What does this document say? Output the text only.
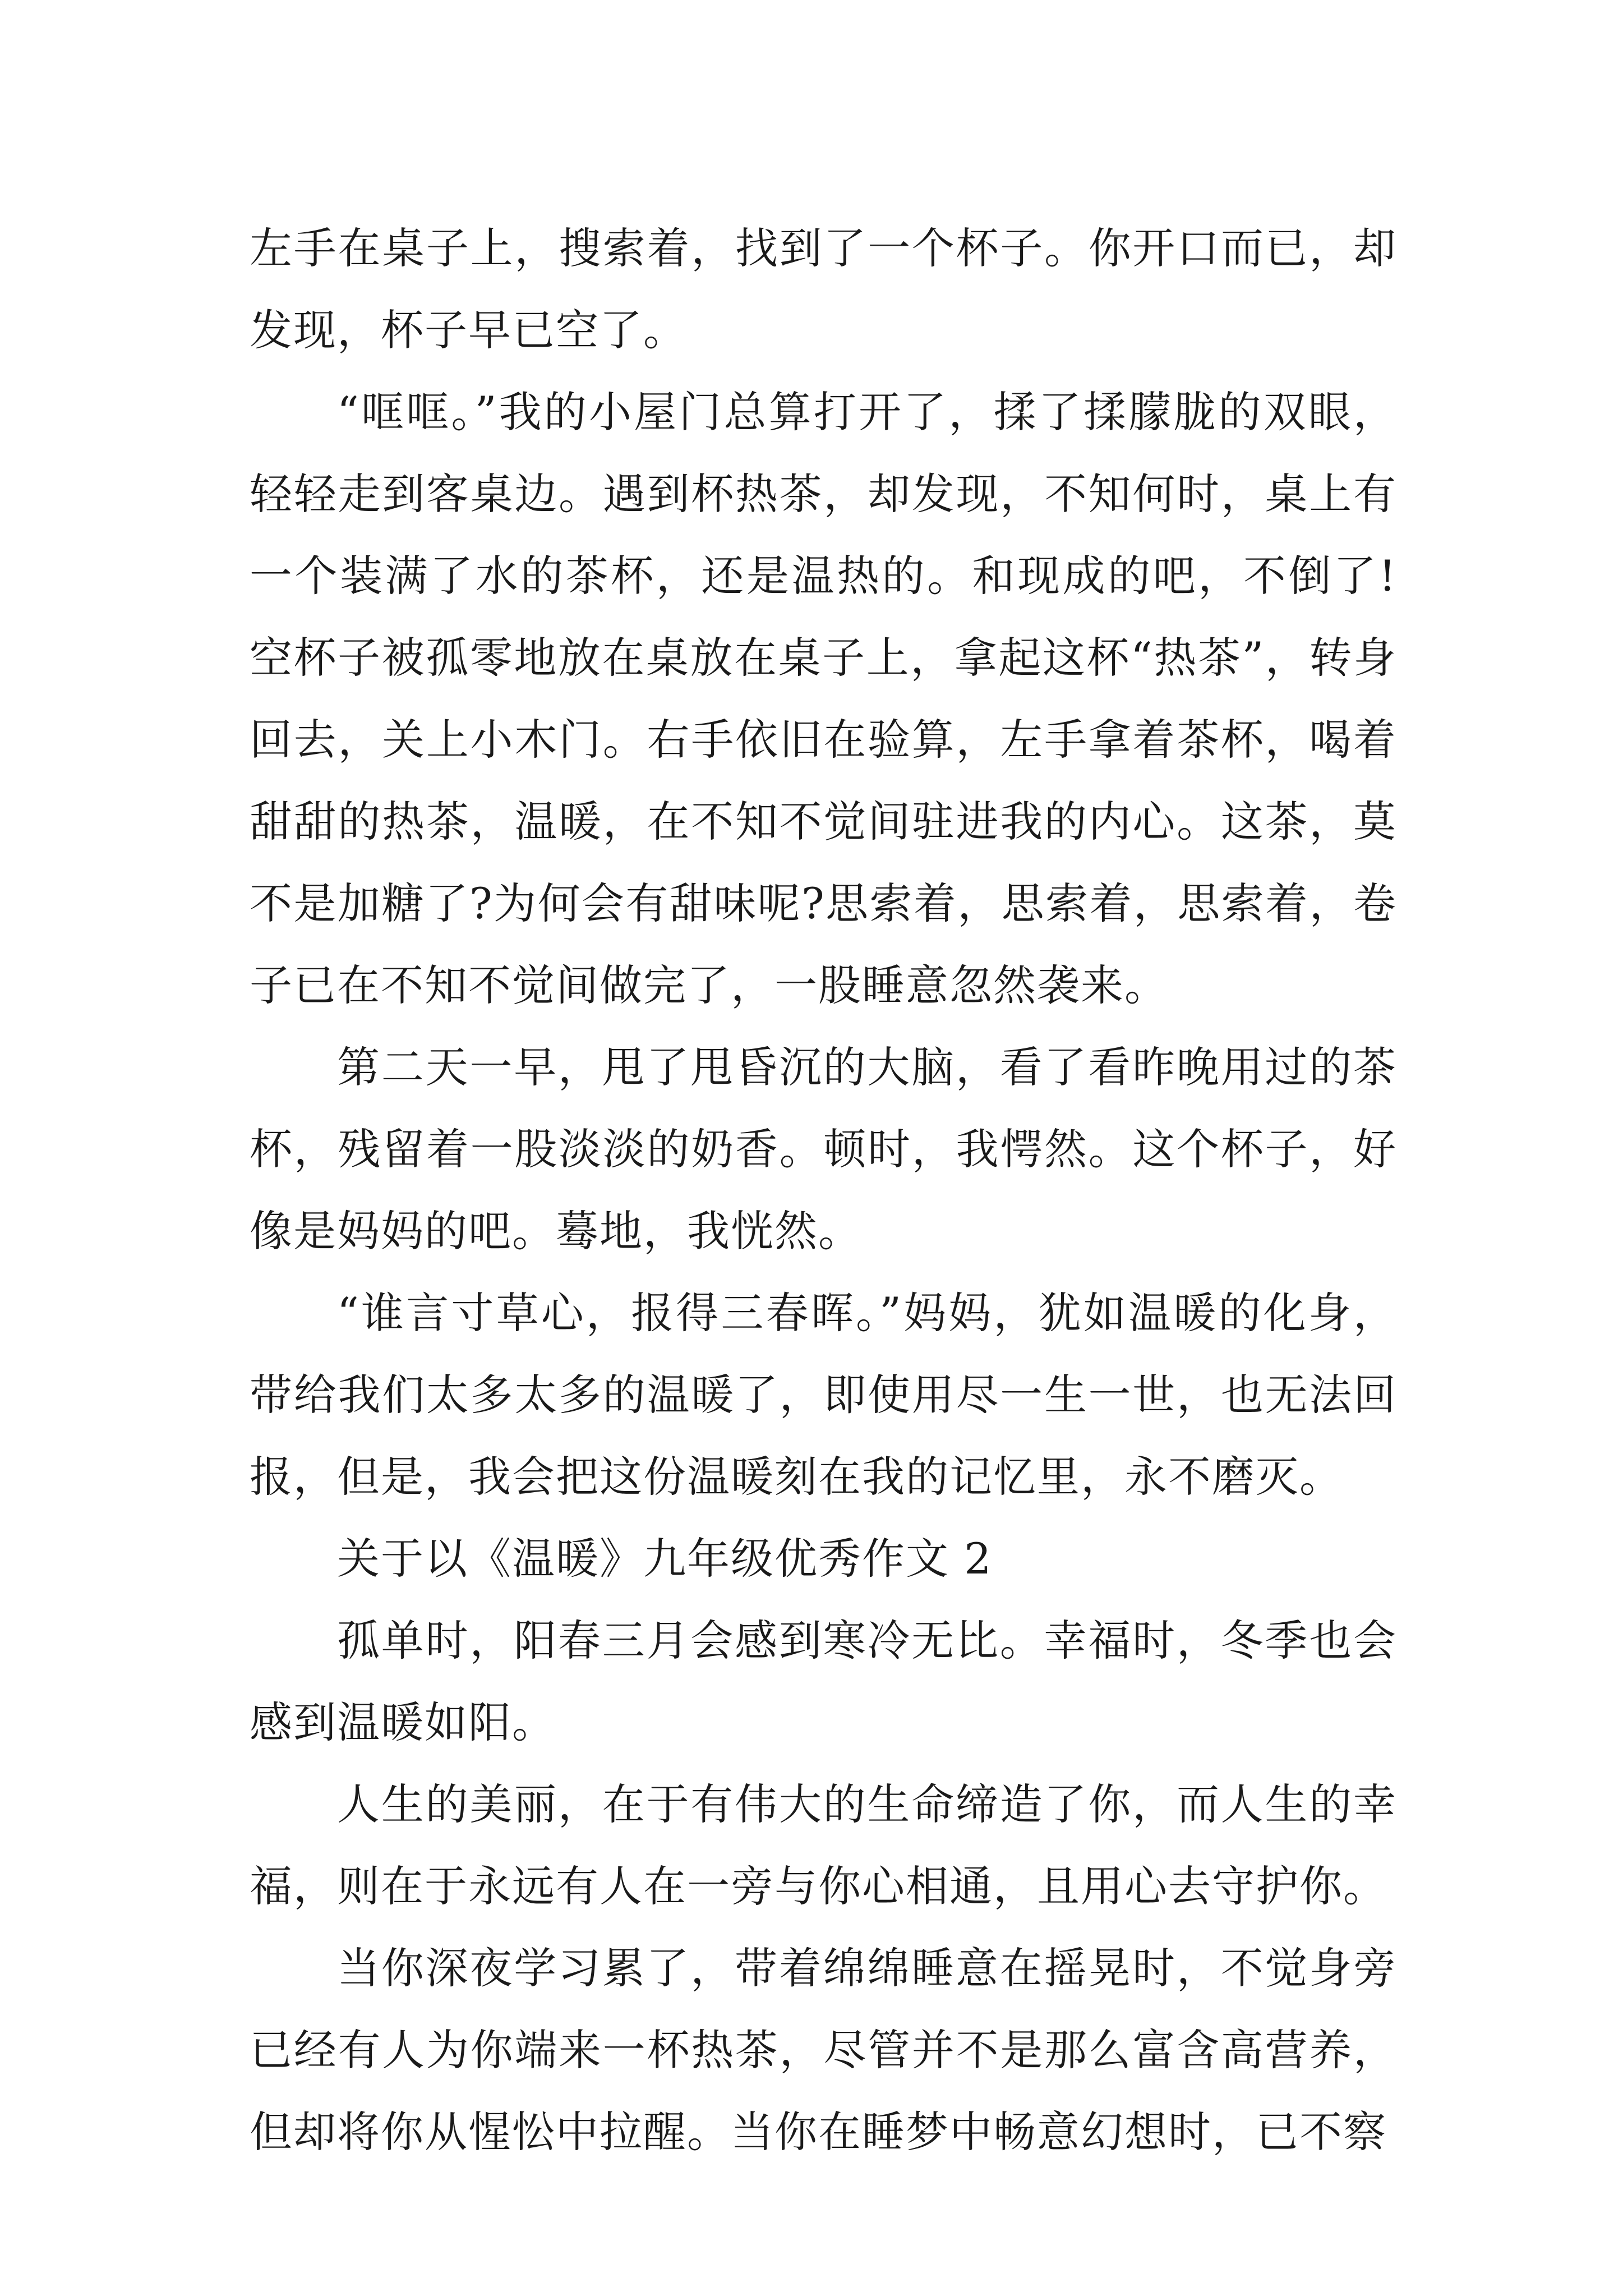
左手在桌子上，搜索着，找到了一个杯子。你开口而已，却发现，杯子早已空了。

“哐哐。”我的小屋门总算打开了，揉了揉朦胧的双眼，轻轻走到客桌边。遇到杯热茶，却发现，不知何时，桌上有一个装满了水的茶杯，还是温热的。和现成的吧，不倒了!空杯子被孤零地放在桌放在桌子上，拿起这杯“热茶”，转身回去，关上小木门。右手依旧在验算，左手拿着茶杯，喝着甜甜的热茶，温暖，在不知不觉间驻进我的内心。这茶，莫不是加糖了?为何会有甜味呢?思索着，思索着，思索着，卷子已在不知不觉间做完了，一股睡意忽然袭来。

第二天一早，甩了甩昏沉的大脑，看了看昨晚用过的茶杯，残留着一股淡淡的奶香。顿时，我愕然。这个杯子，好像是妈妈的吧。蓦地，我恍然。

“谁言寸草心，报得三春晖。”妈妈，犹如温暖的化身，带给我们太多太多的温暖了，即使用尽一生一世，也无法回报，但是，我会把这份温暖刻在我的记忆里，永不磨灭。

关于以《温暖》九年级优秀作文 2

孤单时，阳春三月会感到寒冷无比。幸福时，冬季也会感到温暖如阳。

人生的美丽，在于有伟大的生命缔造了你，而人生的幸福，则在于永远有人在一旁与你心相通，且用心去守护你。

当你深夜学习累了，带着绵绵睡意在摇晃时，不觉身旁已经有人为你端来一杯热茶，尽管并不是那么富含高营养，但却将你从惺忪中拉醒。当你在睡梦中畅意幻想时，已不察
